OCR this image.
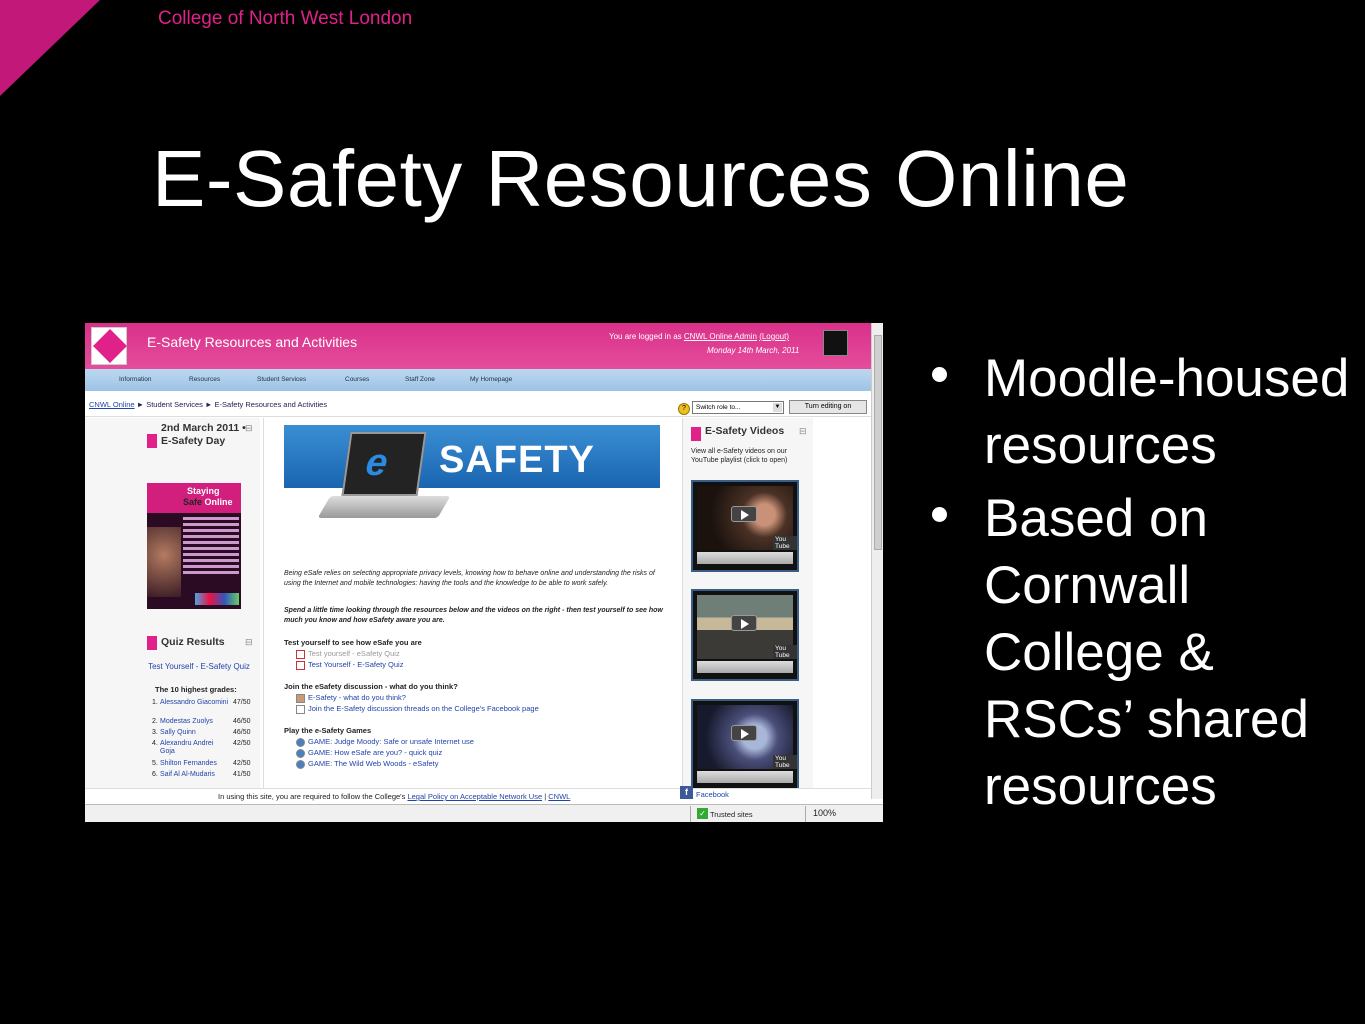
College of North West London
E-Safety Resources Online
Moodle-housed resources
Based on Cornwall College & RSCs’ shared resources
E-Safety Resources and Activities	You are logged in as CNWL Online Admin (Logout)
Monday 14th March, 2011
Information	Resources	Student Services	Courses	Staff Zone	My Homepage
CNWL Online ► Student Services ► E-Safety Resources and Activities	?	Switch role to...	▼	Turn editing on
2nd March 2011 • E-Safety Day
⊟
Staying
Safe Online
Quiz Results ⊟
Test Yourself - E-Safety Quiz
The 10 highest grades:
1. Alessandro Giacomini 47/50
2. Modestas Zuolys	46/50
3. Sally Quinn	46/50
4. Alexandru Andrei Goja
42/50
5. Shilton Fernandes 42/50
6. Saif Al Al-Mudaris	41/50
SAFETY
e
Being eSafe relies on selecting appropriate privacy levels, knowing how to behave online and understanding the risks of using the Internet and mobile technologies: having the tools and the knowledge to be able to work safely.
Spend a little time looking through the resources below and the videos on the right - then test yourself to see how much you know and how eSafety aware you are.
Test yourself to see how eSafe you are
Test yourself - eSafety Quiz
Test Yourself - E-Safety Quiz
Join the eSafety discussion - what do you think?
E-Safety - what do you think?
Join the E-Safety discussion threads on the College's Facebook page
Play the e-Safety Games
GAME: Judge Moody: Safe or unsafe Internet use
GAME: How eSafe are you? - quick quiz
GAME: The Wild Web Woods - eSafety
E-Safety Videos ⊟
View all e-Safety videos on our YouTube playlist (click to open)
You Tube
You Tube
You Tube
In using this site, you are required to follow the College's Legal Policy on Acceptable Network Use | CNWL	f	Facebook
✓ Trusted sites	100%
